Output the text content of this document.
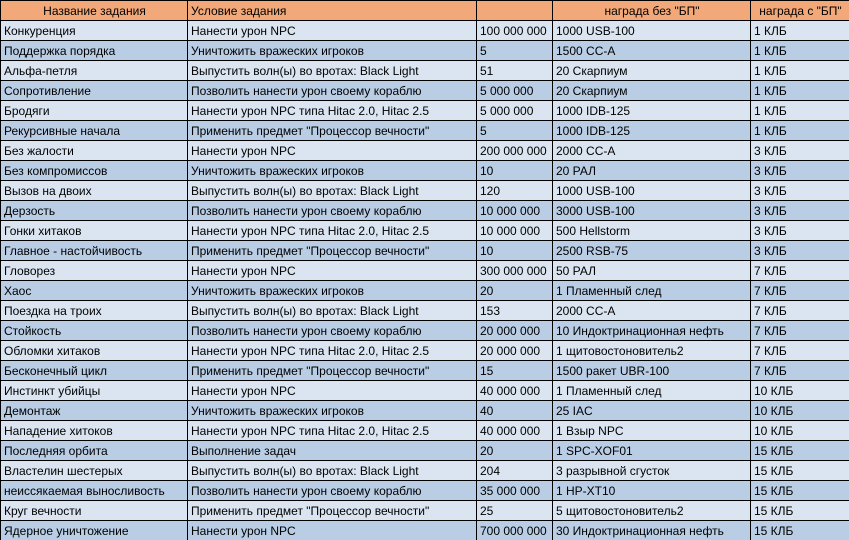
Название задания	Условие задания		награда без "БП"	награда с "БП"
Конкуренция	Нанести урон NPC	100 000 000	1000 USB-100	1 КЛБ
Поддержка порядка	Уничтожить вражеских игроков	5	1500 CC-A	1 КЛБ
Альфа-петля	Выпустить волн(ы) во вротах: Black Light	51	20 Скарпиум	1 КЛБ
Сопротивление	Позволить нанести урон своему кораблю	5 000 000	20 Скарпиум	1 КЛБ
Бродяги	Нанести урон NPC типа Hitac 2.0, Hitac 2.5	5 000 000	1000 IDB-125	1 КЛБ
Рекурсивные начала	Применить предмет "Процессор вечности"	5	1000 IDB-125	1 КЛБ
Без жалости	Нанести урон NPC	200 000 000	2000 CC-A	3 КЛБ
Без компромиссов	Уничтожить вражеских игроков	10	20 РАЛ	3 КЛБ
Вызов на двоих	Выпустить волн(ы) во вротах: Black Light	120	1000 USB-100	3 КЛБ
Дерзость	Позволить нанести урон своему кораблю	10 000 000	3000 USB-100	3 КЛБ
Гонки хитаков	Нанести урон NPC типа Hitac 2.0, Hitac 2.5	10 000 000	500 Hellstorm	3 КЛБ
Главное - настойчивость	Применить предмет "Процессор вечности"	10	2500 RSB-75	3 КЛБ
Гловорез	Нанести урон NPC	300 000 000	50 РАЛ	7 КЛБ
Хаос	Уничтожить вражеских игроков	20	1 Пламенный след	7 КЛБ
Поездка на троих	Выпустить волн(ы) во вротах: Black Light	153	2000 CC-A	7 КЛБ
Стойкость	Позволить нанести урон своему кораблю	20 000 000	10 Индоктринационная нефть	7 КЛБ
Обломки хитаков	Нанести урон NPC типа Hitac 2.0, Hitac 2.5	20 000 000	1 щитовостоновитель2	7 КЛБ
Бесконечный цикл	Применить предмет "Процессор вечности"	15	1500 ракет UBR-100	7 КЛБ
Инстинкт убийцы	Нанести урон NPC	40 000 000	1 Пламенный след	10 КЛБ
Демонтаж	Уничтожить вражеских игроков	40	25 IAC	10 КЛБ
Нападение хитоков	Нанести урон NPC типа Hitac 2.0, Hitac 2.5	40 000 000	1 Взыр NPC	10 КЛБ
Последняя орбита	Выполнение задач	20	1 SPC-XOF01	15 КЛБ
Властелин шестерых	Выпустить волн(ы) во вротах: Black Light	204	3 разрывной сгусток	15 КЛБ
неиссякаемая выносливость	Позволить нанести урон своему кораблю	35 000 000	1 HP-XT10	15 КЛБ
Круг вечности	Применить предмет "Процессор вечности"	25	5 щитовостоновитель2	15 КЛБ
Ядерное уничтожение	Нанести урон NPC	700 000 000	30 Индоктринационная нефть	15 КЛБ
